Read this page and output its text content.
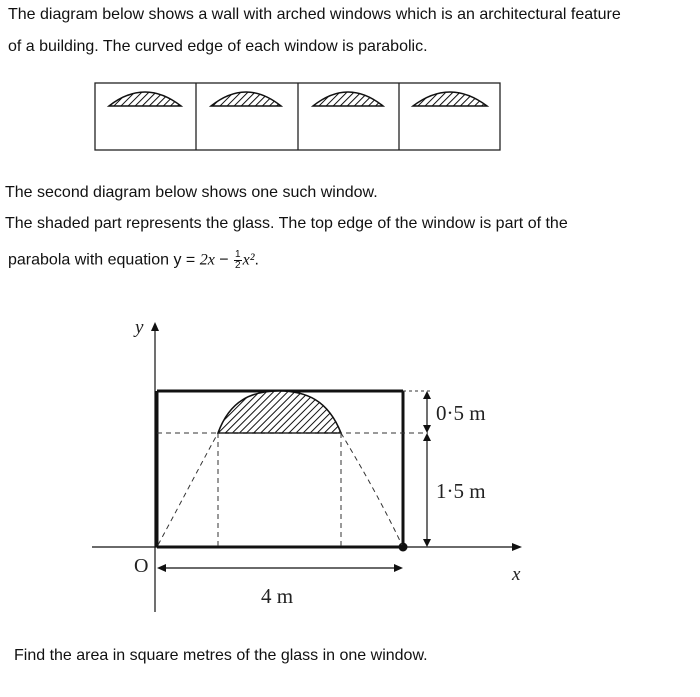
The diagram below shows a wall with arched windows which is an architectural feature
of a building. The curved edge of each window is parabolic.
y
x
O
0·5 m
1·5 m
4 m
The second diagram below shows one such window.
The shaded part represents the glass. The top edge of the window is part of the
parabola with equation $y = 2x - \frac{1}{2} x^2$.
Find the area in square metres of the glass in one window.
